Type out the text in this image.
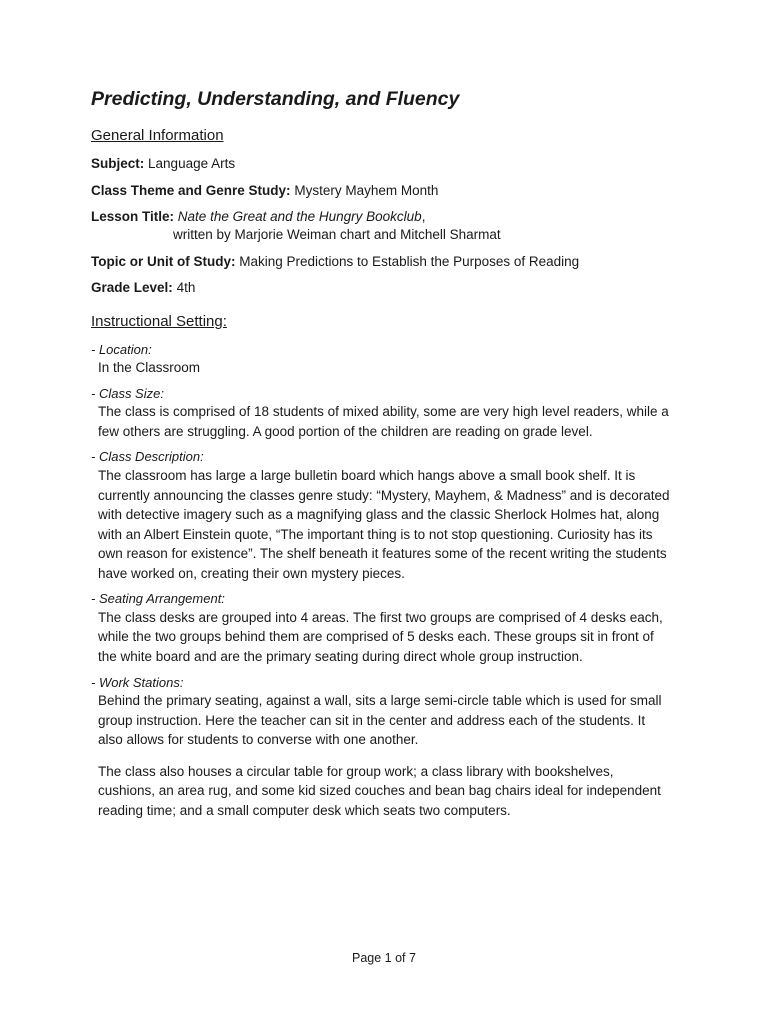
Predicting, Understanding, and Fluency
General Information
Subject: Language Arts
Class Theme and Genre Study: Mystery Mayhem Month
Lesson Title: Nate the Great and the Hungry Bookclub,
written by Marjorie Weiman chart and Mitchell Sharmat
Topic or Unit of Study: Making Predictions to Establish the Purposes of Reading
Grade Level: 4th
Instructional Setting:
- Location:
In the Classroom
- Class Size:
The class is comprised of 18 students of mixed ability, some are very high level readers, while a few others are struggling. A good portion of the children are reading on grade level.
- Class Description:
The classroom has large a large bulletin board which hangs above a small book shelf. It is currently announcing the classes genre study: “Mystery, Mayhem, & Madness” and is decorated with detective imagery such as a magnifying glass and the classic Sherlock Holmes hat, along with an Albert Einstein quote, “The important thing is to not stop questioning. Curiosity has its own reason for existence”. The shelf beneath it features some of the recent writing the students have worked on, creating their own mystery pieces.
- Seating Arrangement:
The class desks are grouped into 4 areas. The first two groups are comprised of 4 desks each, while the two groups behind them are comprised of 5 desks each. These groups sit in front of the white board and are the primary seating during direct whole group instruction.
- Work Stations:
Behind the primary seating, against a wall, sits a large semi-circle table which is used for small group instruction. Here the teacher can sit in the center and address each of the students. It also allows for students to converse with one another.
The class also houses a circular table for group work; a class library with bookshelves, cushions, an area rug, and some kid sized couches and bean bag chairs ideal for independent reading time; and a small computer desk which seats two computers.
Page 1 of 7
